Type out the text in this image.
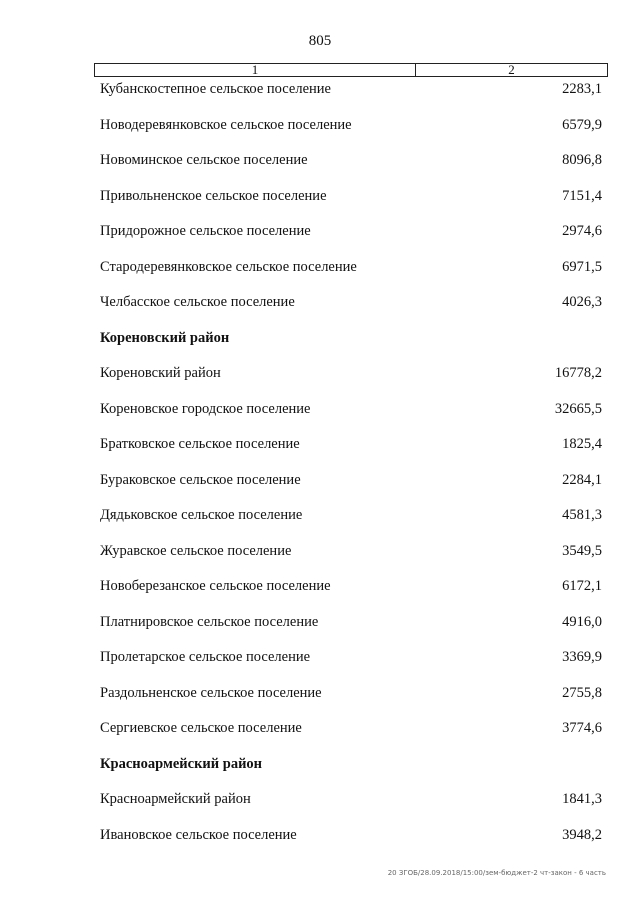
805
1	2
Кубанскостепное сельское поселение	2283,1
Новодеревянковское сельское поселение	6579,9
Новоминское сельское поселение	8096,8
Привольненское сельское поселение	7151,4
Придорожное сельское поселение	2974,6
Стародеревянковское сельское поселение	6971,5
Челбасское сельское поселение	4026,3
Кореновский район
Кореновский район	16778,2
Кореновское городское поселение	32665,5
Братковское сельское поселение	1825,4
Бураковское сельское поселение	2284,1
Дядьковское сельское поселение	4581,3
Журавское сельское поселение	3549,5
Новоберезанское сельское поселение	6172,1
Платнировское сельское поселение	4916,0
Пролетарское сельское поселение	3369,9
Раздольненское сельское поселение	2755,8
Сергиевское сельское поселение	3774,6
Красноармейский район
Красноармейский район	1841,3
Ивановское сельское поселение	3948,2
20 ЗГОБ/28.09.2018/15:00/зем-бюджет-2 чт-закон - 6 часть
